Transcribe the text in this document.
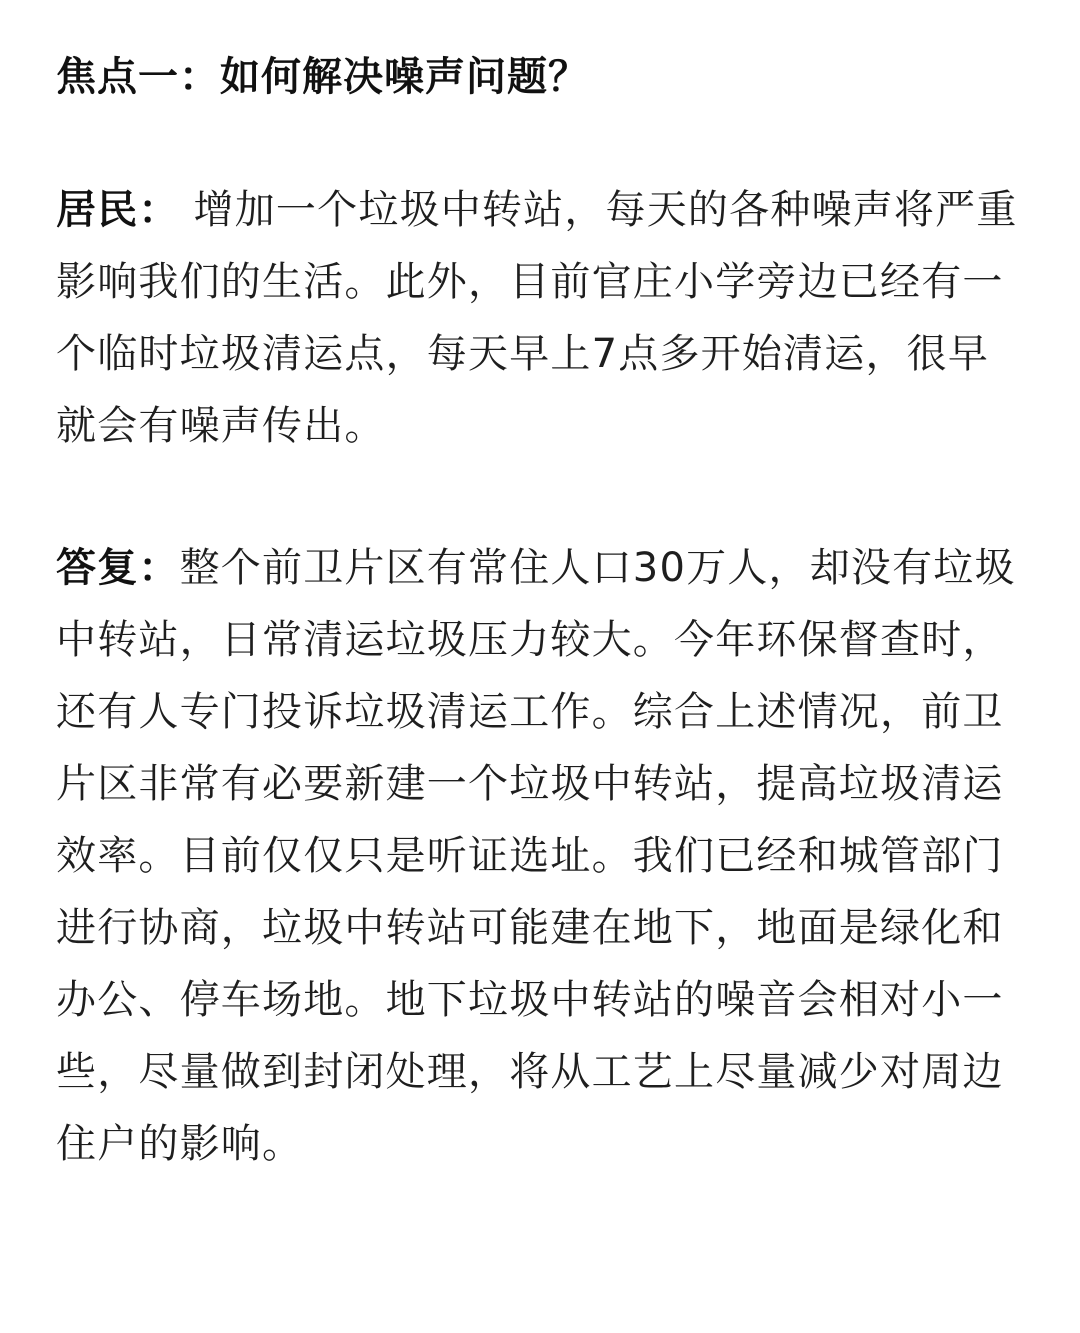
焦点一：如何解决噪声问题？

居民： 增加一个垃圾中转站，每天的各种噪声将严重影响我们的生活。此外，目前官庄小学旁边已经有一个临时垃圾清运点，每天早上7点多开始清运，很早就会有噪声传出。

答复：整个前卫片区有常住人口30万人，却没有垃圾中转站，日常清运垃圾压力较大。今年环保督查时，还有人专门投诉垃圾清运工作。综合上述情况，前卫片区非常有必要新建一个垃圾中转站，提高垃圾清运效率。目前仅仅只是听证选址。我们已经和城管部门进行协商，垃圾中转站可能建在地下，地面是绿化和办公、停车场地。地下垃圾中转站的噪音会相对小一些，尽量做到封闭处理，将从工艺上尽量减少对周边住户的影响。
